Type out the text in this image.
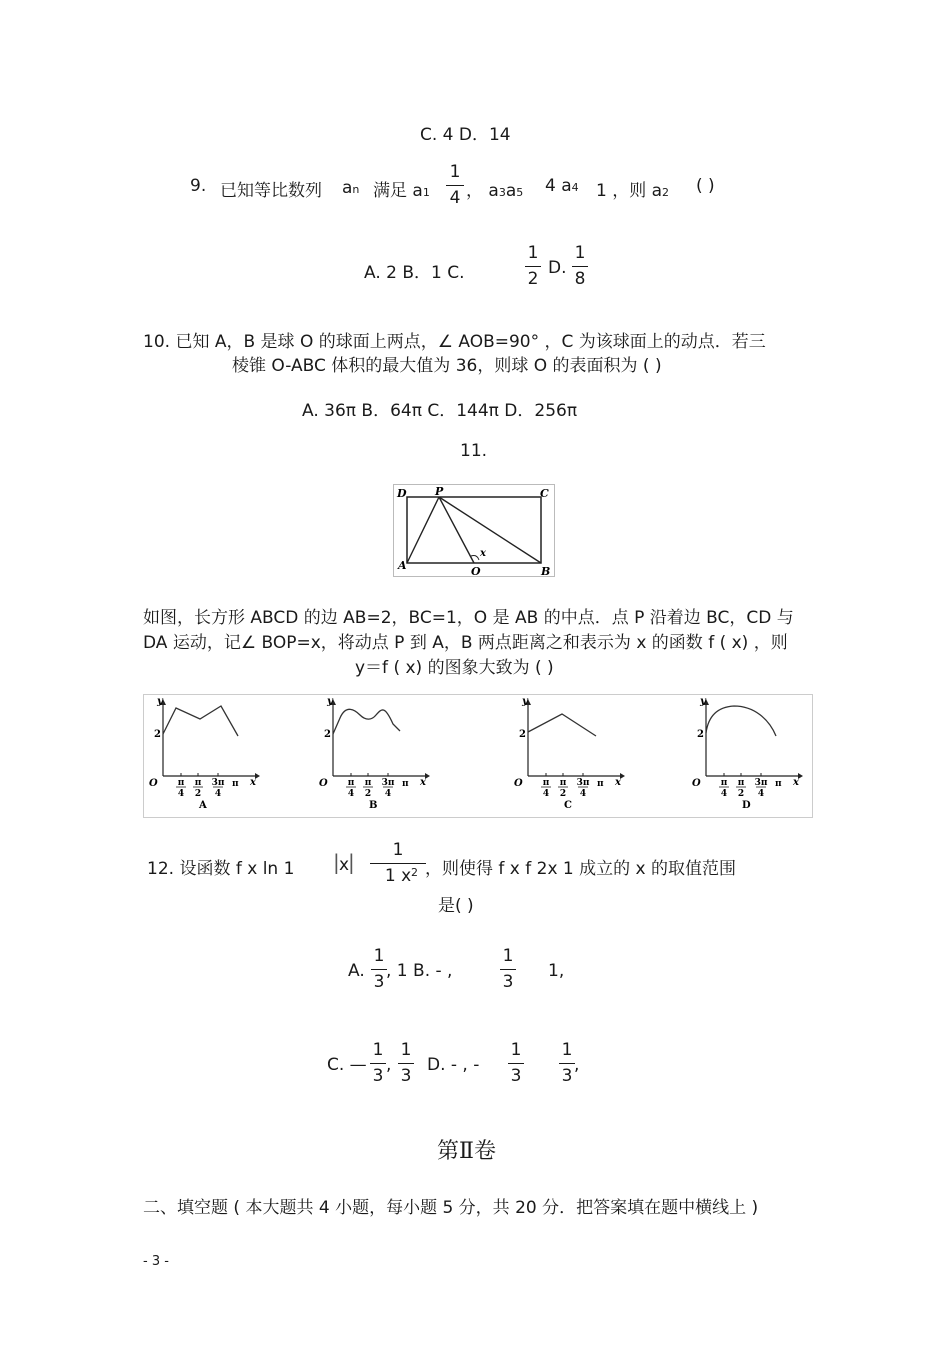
C. 4 D．14
9. 已知等比数列 an 满足 a1
1
4 ， a3a5 4 a4 1 ，则 a2 ( )
A. 2 B．1 C.
1
2
D.
1
8
10. 已知 A，B 是球 O 的球面上两点，∠ AOB=90° ，C 为该球面上的动点．若三
棱锥 O-ABC 体积的最大值为 36，则球 O 的表面积为 ( )
A. 36π B．64π C．144π D．256π
11.
D	P	C
A	O	B
x
如图，长方形 ABCD 的边 AB=2，BC=1，O 是 AB 的中点．点 P 沿着边 BC，CD 与
DA 运动，记∠ BOP=x，将动点 P 到 A，B 两点距离之和表示为 x 的函数 f ( x) ，则
y＝f ( x) 的图象大致为 ( )
y
2
O	x
π
4
π
2
3π
4
π
A
y
2
O	x
π
4
π
2
3π
4
π
B
y
2
O	x
π
4
π
2
3π
4
π
C
y
2
O	x
π
4
π
2
3π
4
π
D
12. 设函数 f x ln 1 | x
|	1
1 x 2 ，则使得 f x f 2x 1 成立的 x 的取值范围
是( )
A.
1
3
, 1 B. - ,
1
3
1,
C. —
1
3
,
1
3
D. - , -
1
3
1
3
,
第Ⅱ卷
二、填空题 ( 本大题共 4 小题，每小题 5 分，共 20 分．把答案填在题中横线上 )
- 3 -
